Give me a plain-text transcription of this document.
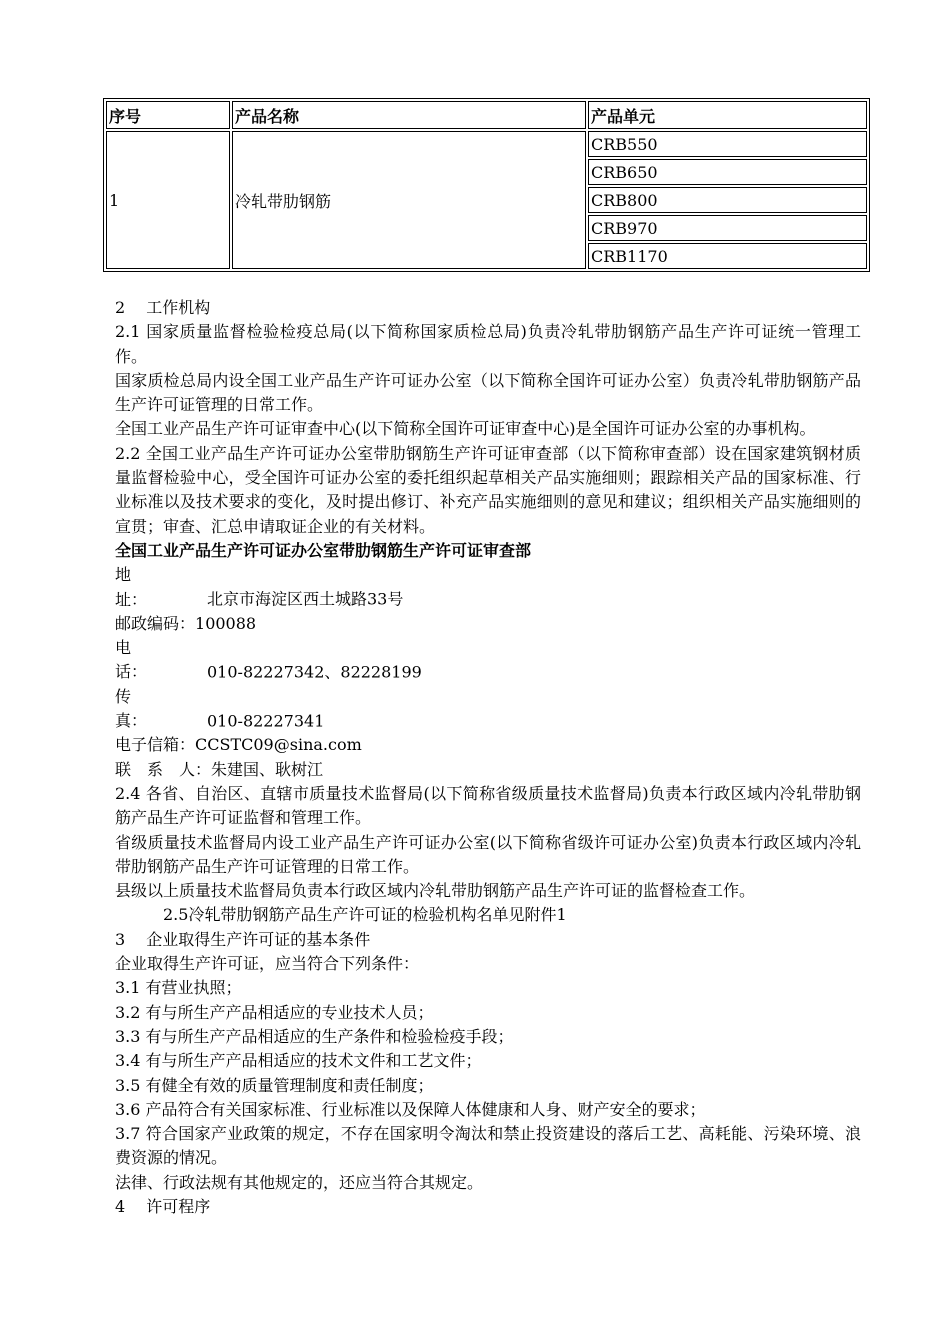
序号	产品名称	产品单元
1	冷轧带肋钢筋	CRB550
		CRB650
		CRB800
		CRB970
		CRB1170

2　 工作机构

2.1 国家质量监督检验检疫总局(以下简称国家质检总局)负责冷轧带肋钢筋产品生产许可证统一管理工作。

国家质检总局内设全国工业产品生产许可证办公室（以下简称全国许可证办公室）负责冷轧带肋钢筋产品生产许可证管理的日常工作。

全国工业产品生产许可证审查中心(以下简称全国许可证审查中心)是全国许可证办公室的办事机构。

2.2 全国工业产品生产许可证办公室带肋钢筋生产许可证审查部（以下简称审查部）设在国家建筑钢材质量监督检验中心，受全国许可证办公室的委托组织起草相关产品实施细则；跟踪相关产品的国家标准、行业标准以及技术要求的变化，及时提出修订、补充产品实施细则的意见和建议；组织相关产品实施细则的宣贯；审查、汇总申请取证企业的有关材料。

全国工业产品生产许可证办公室带肋钢筋生产许可证审查部

地　　　址：	北京市海淀区西土城路33号

邮政编码：100088

电　　　话：	010-82227342、82228199

传　　　真：	010-82227341

电子信箱：CCSTC09@sina.com

联　系　人：朱建国、耿树江

2.4 各省、自治区、直辖市质量技术监督局(以下简称省级质量技术监督局)负责本行政区域内冷轧带肋钢筋产品生产许可证监督和管理工作。

省级质量技术监督局内设工业产品生产许可证办公室(以下简称省级许可证办公室)负责本行政区域内冷轧带肋钢筋产品生产许可证管理的日常工作。

县级以上质量技术监督局负责本行政区域内冷轧带肋钢筋产品生产许可证的监督检查工作。

2.5冷轧带肋钢筋产品生产许可证的检验机构名单见附件1

3　 企业取得生产许可证的基本条件

企业取得生产许可证，应当符合下列条件：

3.1 有营业执照；

3.2 有与所生产产品相适应的专业技术人员；

3.3 有与所生产产品相适应的生产条件和检验检疫手段；

3.4 有与所生产产品相适应的技术文件和工艺文件；

3.5 有健全有效的质量管理制度和责任制度；

3.6 产品符合有关国家标准、行业标准以及保障人体健康和人身、财产安全的要求；

3.7 符合国家产业政策的规定，不存在国家明令淘汰和禁止投资建设的落后工艺、高耗能、污染环境、浪费资源的情况。

法律、行政法规有其他规定的，还应当符合其规定。

4　 许可程序
